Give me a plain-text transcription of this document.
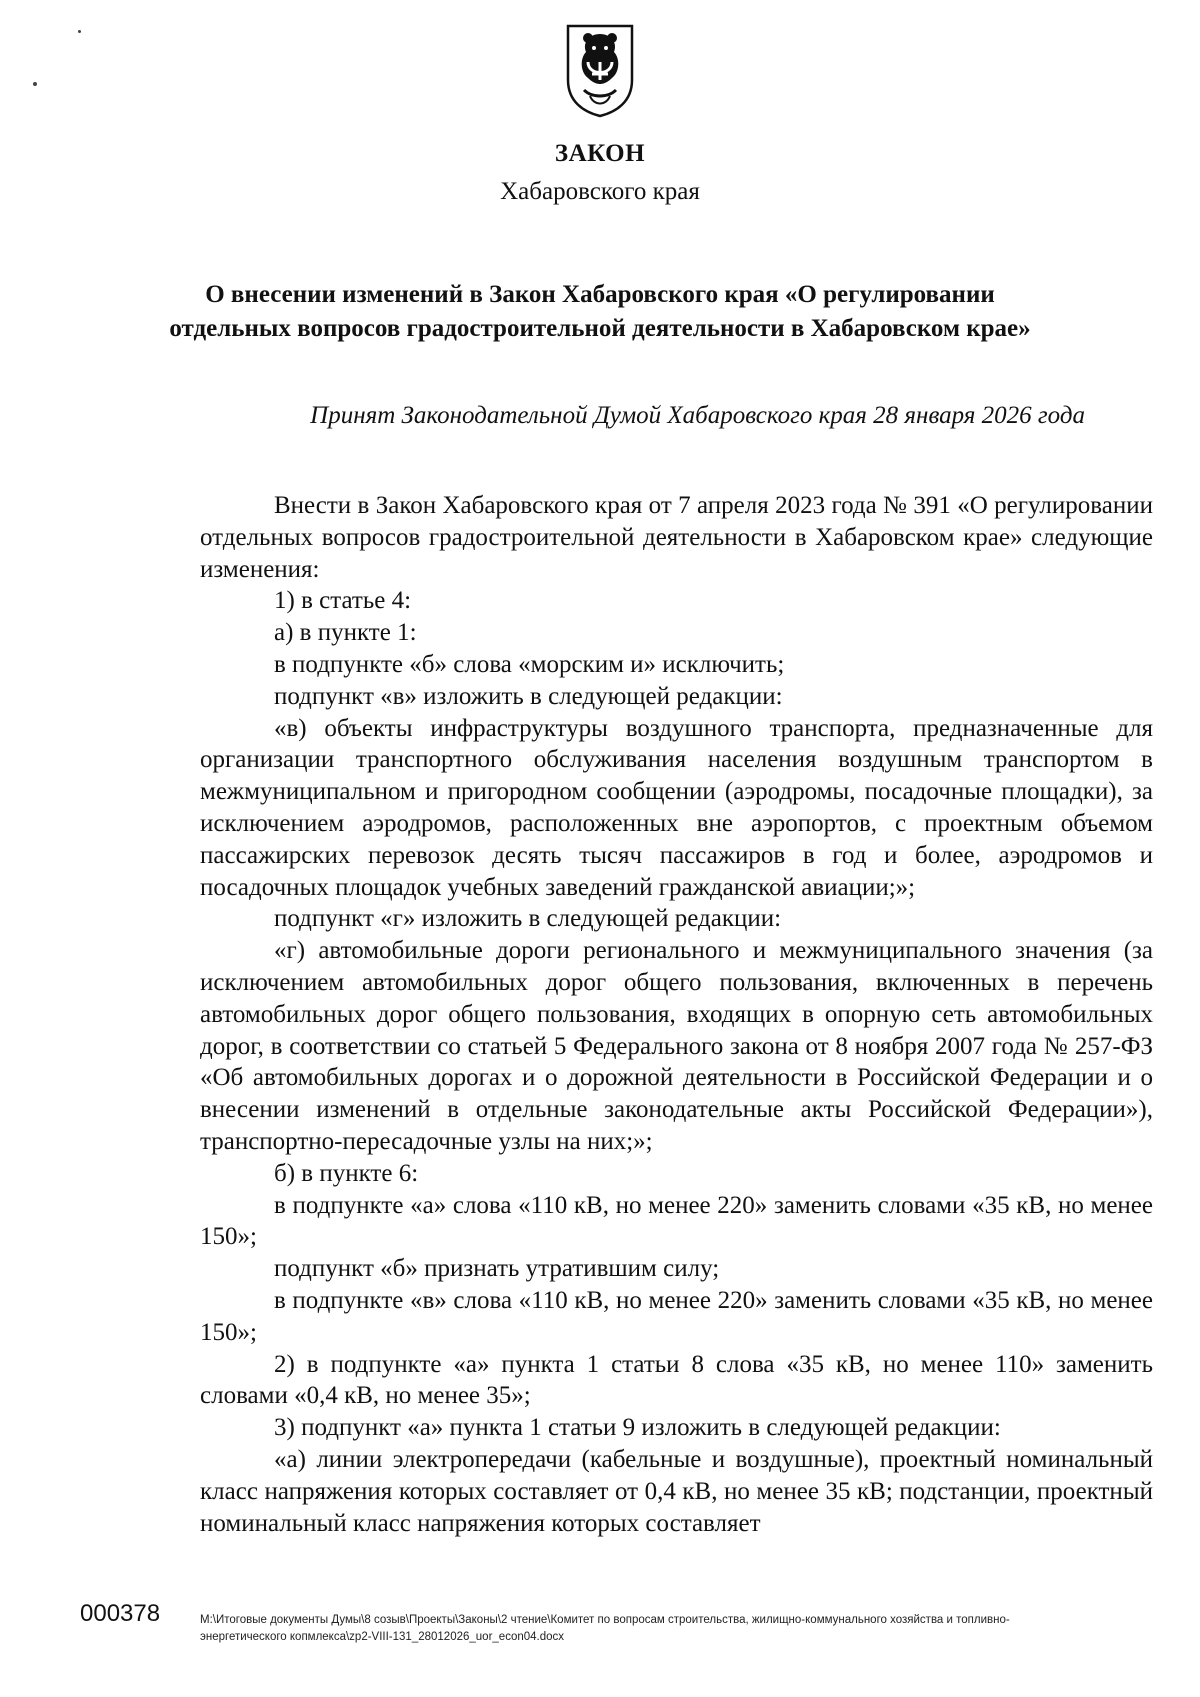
ЗАКОН
Хабаровского края
О внесении изменений в Закон Хабаровского края «О регулировании
отдельных вопросов градостроительной деятельности в Хабаровском крае»
Принят Законодательной Думой Хабаровского края 28 января 2026 года

Внести в Закон Хабаровского края от 7 апреля 2023 года № 391 «О регулировании отдельных вопросов градостроительной деятельности в Хабаровском крае» следующие изменения:

1) в статье 4:

а) в пункте 1:

в подпункте «б» слова «морским и» исключить;

подпункт «в» изложить в следующей редакции:

«в) объекты инфраструктуры воздушного транспорта, предназначенные для организации транспортного обслуживания населения воздушным транспортом в межмуниципальном и пригородном сообщении (аэродромы, посадочные площадки), за исключением аэродромов, расположенных вне аэропортов, с проектным объемом пассажирских перевозок десять тысяч пассажиров в год и более, аэродромов и посадочных площадок учебных заведений гражданской авиации;»;

подпункт «г» изложить в следующей редакции:

«г) автомобильные дороги регионального и межмуниципального значения (за исключением автомобильных дорог общего пользования, включенных в перечень автомобильных дорог общего пользования, входящих в опорную сеть автомобильных дорог, в соответствии со статьей 5 Федерального закона от 8 ноября 2007 года № 257-ФЗ «Об автомобильных дорогах и о дорожной деятельности в Российской Федерации и о внесении изменений в отдельные законодательные акты Российской Федерации»), транспортно-пересадочные узлы на них;»;

б) в пункте 6:

в подпункте «а» слова «110 кВ, но менее 220» заменить словами «35 кВ, но менее 150»;

подпункт «б» признать утратившим силу;

в подпункте «в» слова «110 кВ, но менее 220» заменить словами «35 кВ, но менее 150»;

2) в подпункте «а» пункта 1 статьи 8 слова «35 кВ, но менее 110» заменить словами «0,4 кВ, но менее 35»;

3) подпункт «а» пункта 1 статьи 9 изложить в следующей редакции:

«а) линии электропередачи (кабельные и воздушные), проектный номинальный класс напряжения которых составляет от 0,4 кВ, но менее 35 кВ; подстанции, проектный номинальный класс напряжения которых составляет

000378	M:\Итоговые документы Думы\8 созыв\Проекты\Законы\2 чтение\Комитет по вопросам строительства, жилищно-коммунального хозяйства и топливно-
энергетического копмлекса\zp2-VIII-131_28012026_uor_econ04.docx
